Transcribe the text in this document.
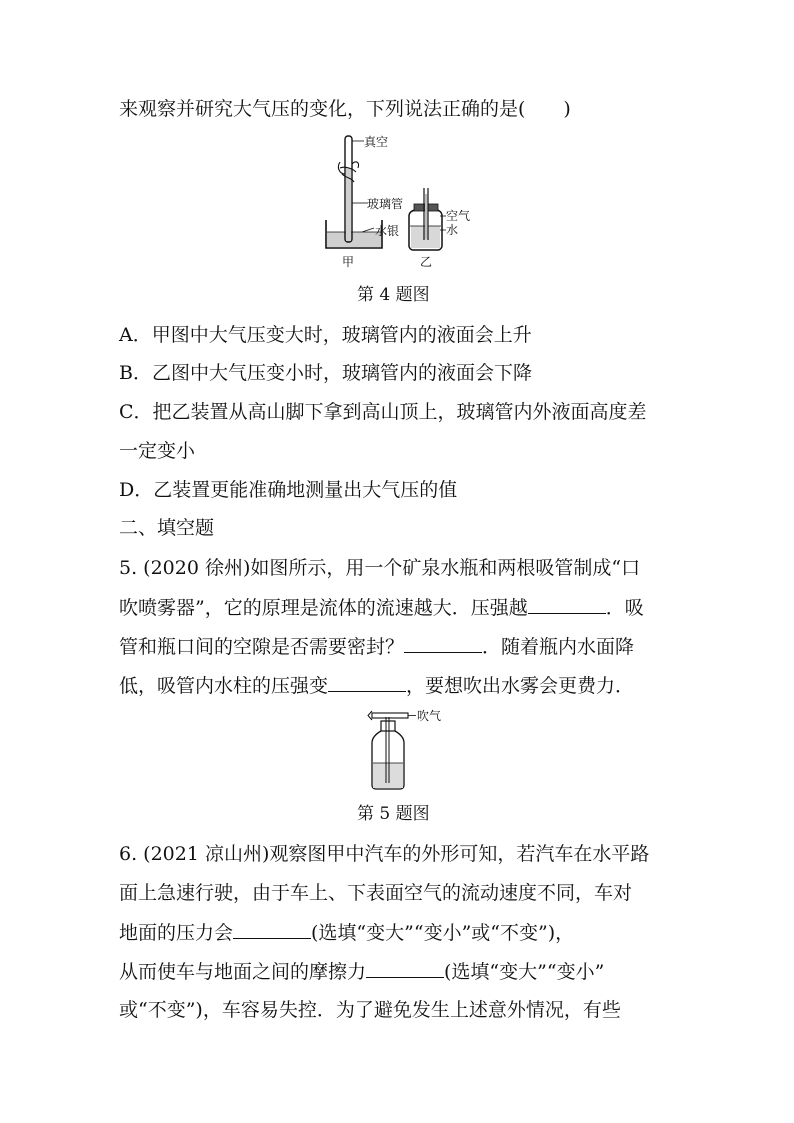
来观察并研究大气压的变化，下列说法正确的是(　　)
真空
玻璃管
水银
甲
空气
水
乙
第 4 题图
A．甲图中大气压变大时，玻璃管内的液面会上升
B．乙图中大气压变小时，玻璃管内的液面会下降
C．把乙装置从高山脚下拿到高山顶上，玻璃管内外液面高度差
一定变小
D．乙装置更能准确地测量出大气压的值
二、填空题
5. (2020 徐州)如图所示，用一个矿泉水瓶和两根吸管制成“口
吹喷雾器”，它的原理是流体的流速越大．压强越	．吸
管和瓶口间的空隙是否需要密封？	．随着瓶内水面降
低，吸管内水柱的压强变	，要想吹出水雾会更费力．
吹气
第 5 题图
6. (2021 凉山州)观察图甲中汽车的外形可知，若汽车在水平路
面上急速行驶，由于车上、下表面空气的流动速度不同，车对
地面的压力会	(选填“变大”“变小”或“不变”)，
从而使车与地面之间的摩擦力	(选填“变大”“变小”
或“不变”)，车容易失控．为了避免发生上述意外情况，有些
